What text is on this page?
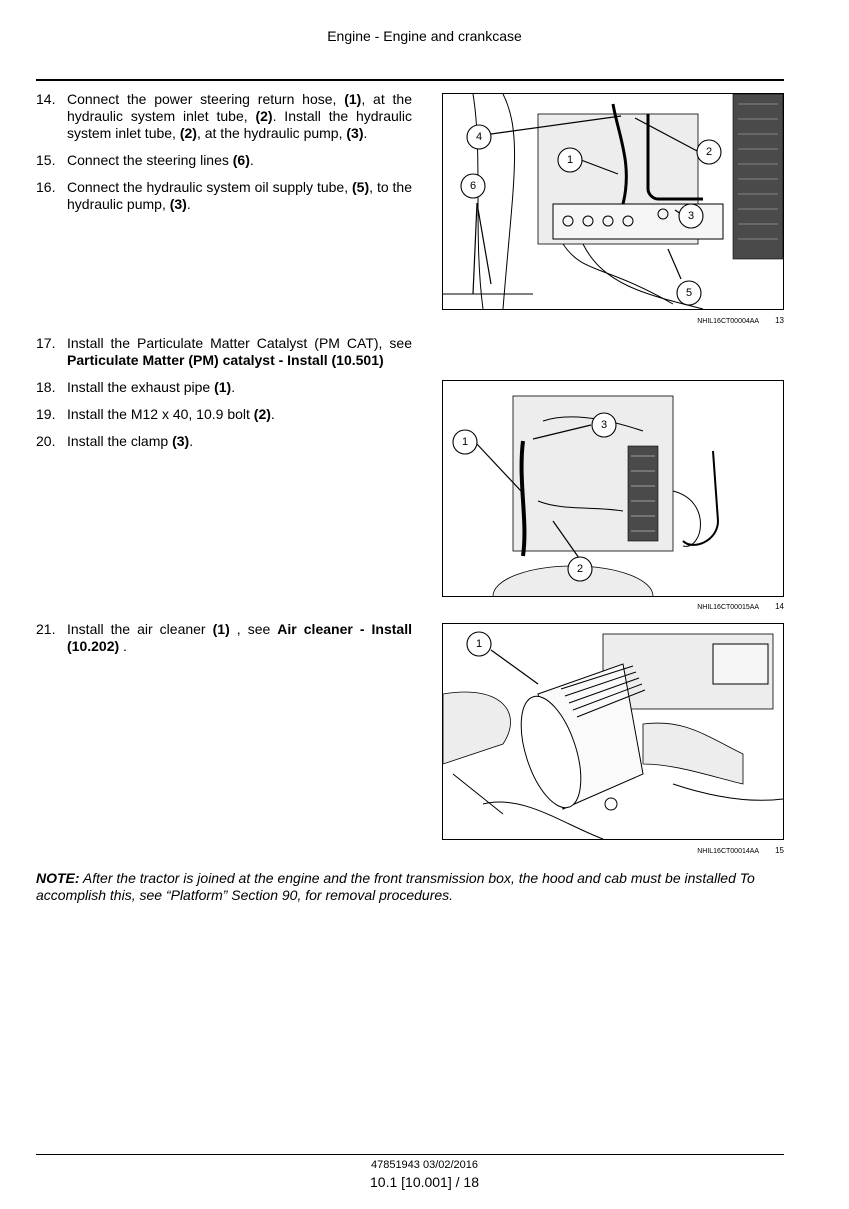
Engine - Engine and crankcase
14. Connect the power steering return hose, (1), at the hydraulic system inlet tube, (2). Install the hydraulic system inlet tube, (2), at the hydraulic pump, (3).
15. Connect the steering lines (6).
16. Connect the hydraulic system oil supply tube, (5), to the hydraulic pump, (3).
4
1
2
3
5
6
NHIL16CT00004AA 13
17. Install the Particulate Matter Catalyst (PM CAT), see Particulate Matter (PM) catalyst - Install (10.501)
18. Install the exhaust pipe (1).
19. Install the M12 x 40, 10.9 bolt (2).
20. Install the clamp (3).	1
2
3
NHIL16CT00015AA 14
21. Install the air cleaner (1) , see Air cleaner - Install (10.202) .	1
NHIL16CT00014AA 15
NOTE: After the tractor is joined at the engine and the front transmission box, the hood and cab must be installed To accomplish this, see “Platform” Section 90, for removal procedures.
47851943 03/02/2016
10.1 [10.001] / 18
